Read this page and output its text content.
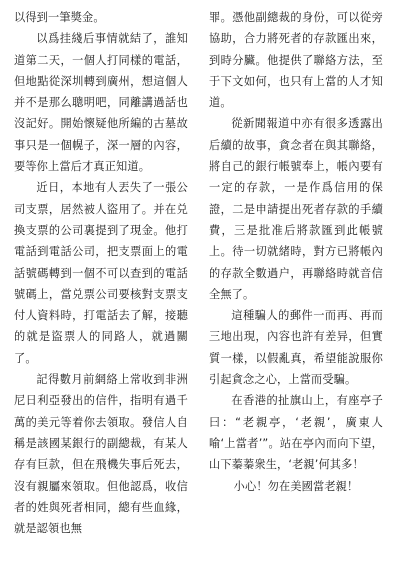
以得到一筆獎金。

以爲挂綫后事情就結了，誰知道第二天，一個人打同樣的電話，但地點從深圳轉到廣州，想這個人并不是那么聰明吧，同離講過話也沒記好。開始懷疑他所編的古墓故事只是一個幌子，深一層的內容，要等你上當后才真正知道。

近日，本地有人丟失了一張公司支票，居然被人盜用了。并在兑換支票的公司裏提到了現金。他打電話到電話公司，把支票面上的電話號碼轉到一個不可以查到的電話號碼上，當兑票公司要核對支票支付人資料時，打電話去了解，接聽的就是盜票人的同路人，就過關了。

記得數月前網絡上常收到非洲尼日利亞發出的信件，指明有過千萬的美元等着你去領取。發信人自稱是該國某銀行的副總裁，有某人存有巨款，但在飛機失事后死去，沒有親屬來領取。但他認爲，收信者的姓與死者相同，總有些血緣，就是認領也無

罪。憑他副總裁的身份，可以從旁協助，合力將死者的存款匯出來，到時分臟。他提供了聯絡方法，至于下文如何，也只有上當的人才知道。

從新聞報道中亦有很多透露出后續的故事，貪念者在與其聯絡，將自己的銀行帳號奉上，帳內要有一定的存款，一是作爲信用的保證，二是申請提出死者存款的手續費，三是批准后將款匯到此帳號上。待一切就緒時，對方已將帳內的存款全數過户，再聯絡時就音信全無了。

這種騙人的郵件一而再、再而三地出現，內容也許有差异，但實質一樣，以假亂真，希望能說服你引起貪念之心，上當而受騙。

在香港的扯旗山上，有座亭子曰：“老親亭，‘老親’，廣東人喻‘上當者’”。站在亭內而向下望，山下蓁蓁衆生，‘老親’何其多！

小心！勿在美國當老親！
